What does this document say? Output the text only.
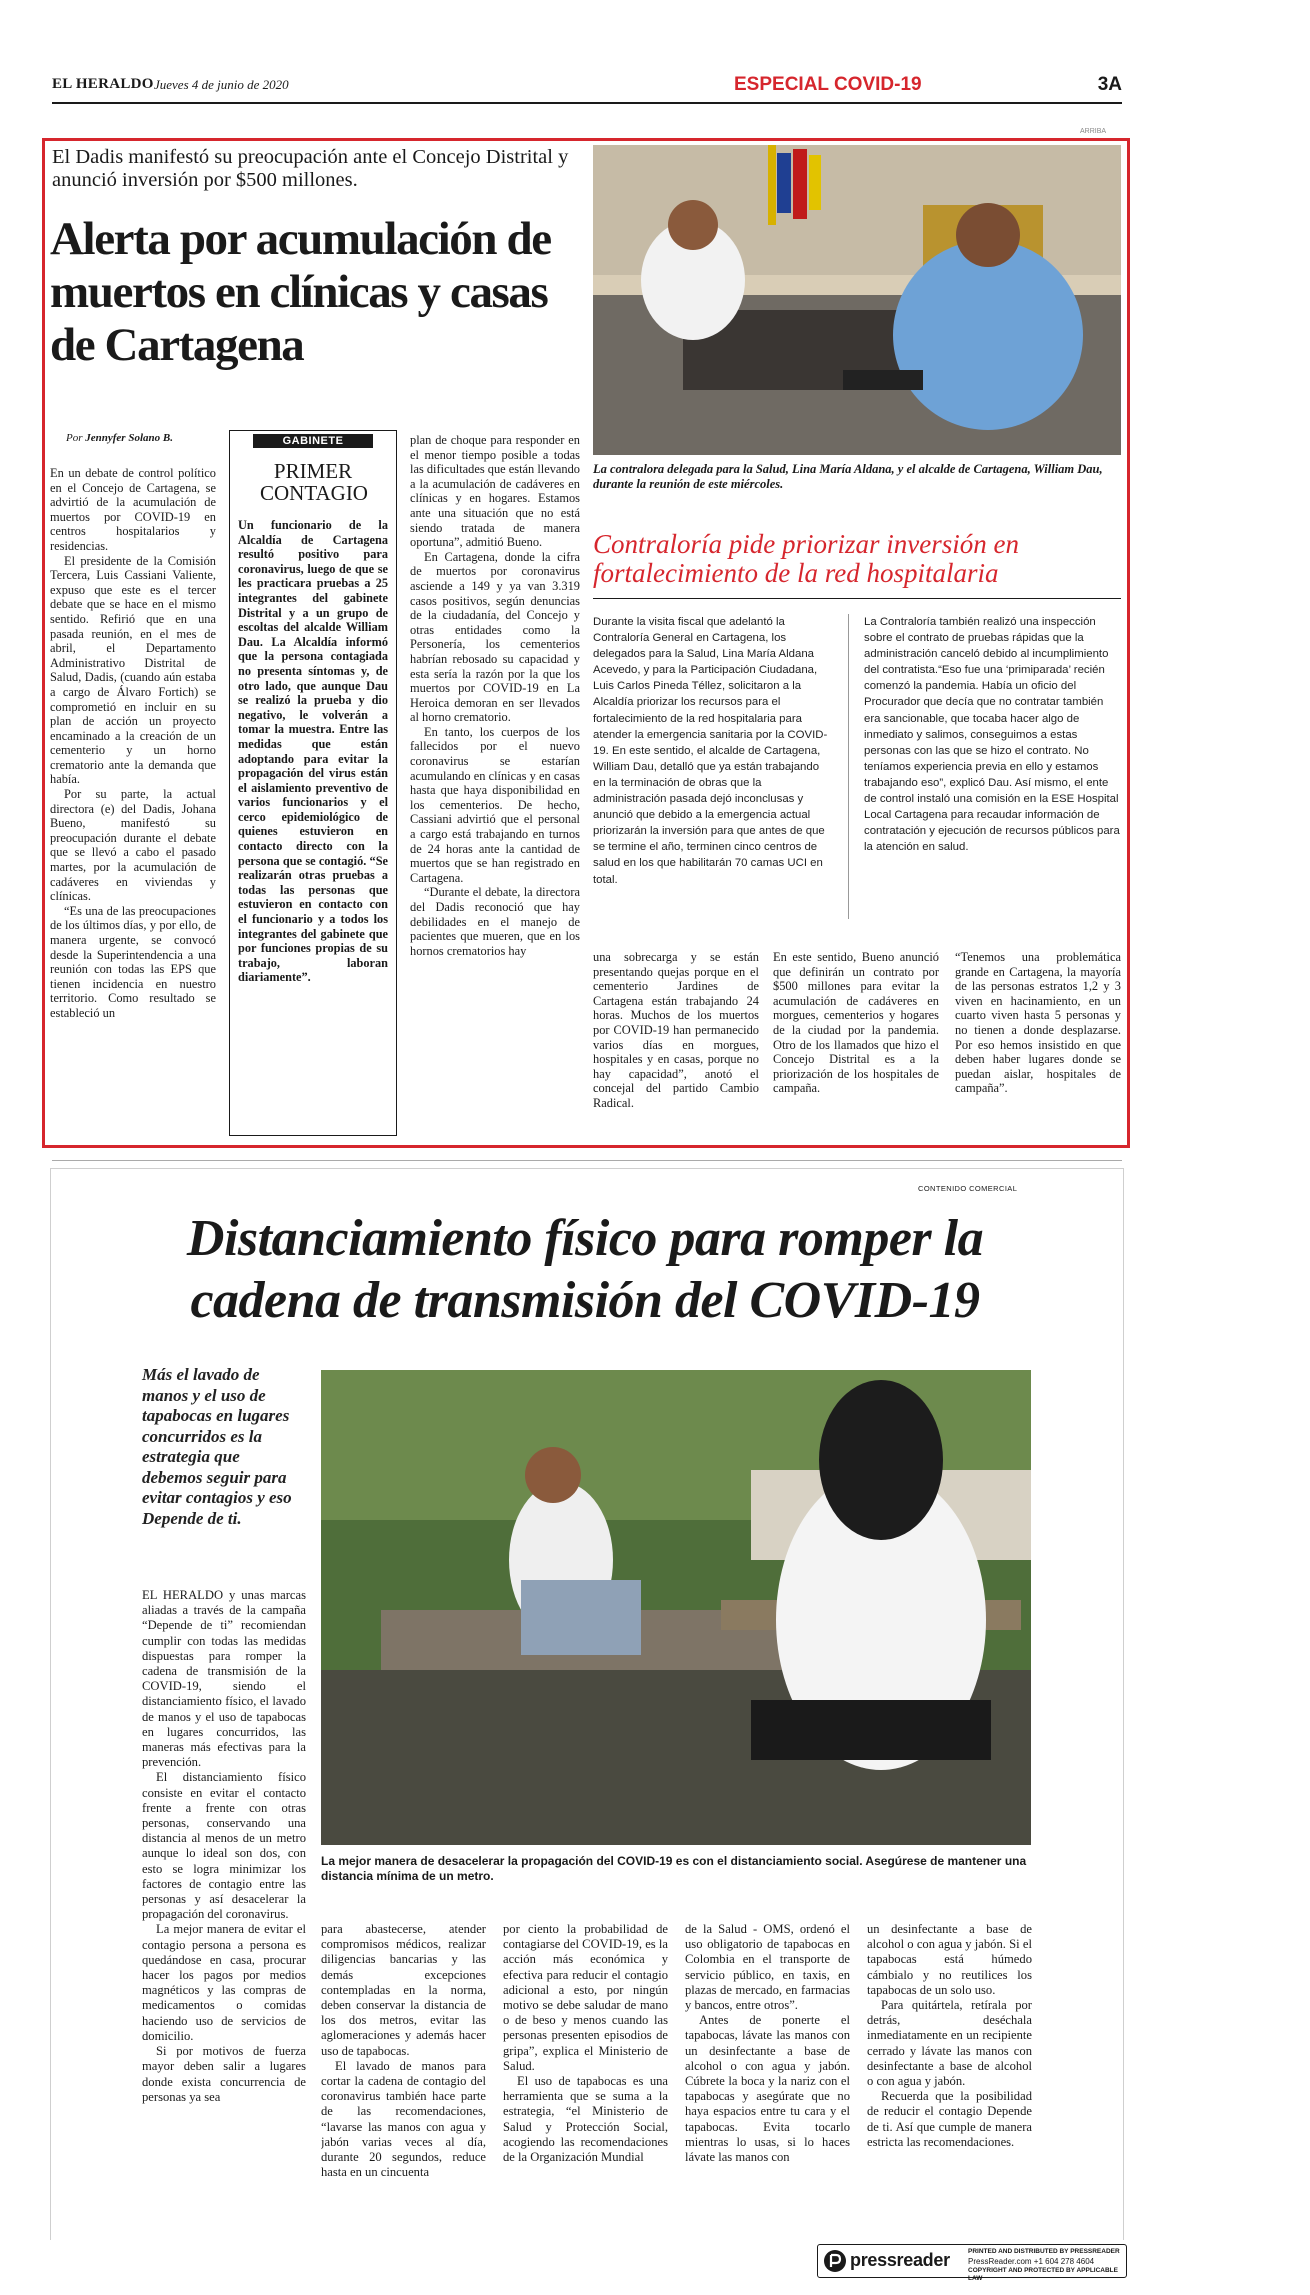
EL HERALDO Jueves 4 de junio de 2020	ESPECIAL COVID-19	3A
ARRIBA
El Dadis manifestó su preocupación ante el Concejo Distrital y anunció inversión por $500 millones.
Alerta por acumulación de muertos en clínicas y casas de Cartagena
Por Jennyfer Solano B.

En un debate de control político en el Concejo de Cartagena, se advirtió de la acumulación de muertos por COVID-19 en centros hospitalarios y residencias.

El presidente de la Comisión Tercera, Luis Cassiani Valiente, expuso que este es el tercer debate que se hace en el mismo sentido. Refirió que en una pasada reunión, en el mes de abril, el Departamento Administrativo Distrital de Salud, Dadis, (cuando aún estaba a cargo de Álvaro Fortich) se comprometió en incluir en su plan de acción un proyecto encaminado a la creación de un cementerio y un horno crematorio ante la demanda que había.

Por su parte, la actual directora (e) del Dadis, Johana Bueno, manifestó su preocupación durante el debate que se llevó a cabo el pasado martes, por la acumulación de cadáveres en viviendas y clínicas.

“Es una de las preocupaciones de los últimos días, y por ello, de manera urgente, se convocó desde la Superintendencia a una reunión con todas las EPS que tienen incidencia en nuestro territorio. Como resultado se estableció un

GABINETE
PRIMER CONTAGIO
Un funcionario de la Alcaldía de Cartagena resultó positivo para coronavirus, luego de que se les practicara pruebas a 25 integrantes del gabinete Distrital y a un grupo de escoltas del alcalde William Dau. La Alcaldía informó que la persona contagiada no presenta síntomas y, de otro lado, que aunque Dau se realizó la prueba y dio negativo, le volverán a tomar la muestra. Entre las medidas que están adoptando para evitar la propagación del virus están el aislamiento preventivo de varios funcionarios y el cerco epidemiológico de quienes estuvieron en contacto directo con la persona que se contagió. “Se realizarán otras pruebas a todas las personas que estuvieron en contacto con el funcionario y a todos los integrantes del gabinete que por funciones propias de su trabajo, laboran diariamente”.

plan de choque para responder en el menor tiempo posible a todas las dificultades que están llevando a la acumulación de cadáveres en clínicas y en hogares. Estamos ante una situación que no está siendo tratada de manera oportuna”, admitió Bueno.

En Cartagena, donde la cifra de muertos por coronavirus asciende a 149 y ya van 3.319 casos positivos, según denuncias de la ciudadanía, del Concejo y otras entidades como la Personería, los cementerios habrían rebosado su capacidad y esta sería la razón por la que los muertos por COVID-19 en La Heroica demoran en ser llevados al horno crematorio.

En tanto, los cuerpos de los fallecidos por el nuevo coronavirus se estarían acumulando en clínicas y en casas hasta que haya disponibilidad en los cementerios. De hecho, Cassiani advirtió que el personal a cargo está trabajando en turnos de 24 horas ante la cantidad de muertos que se han registrado en Cartagena.

“Durante el debate, la directora del Dadis reconoció que hay debilidades en el manejo de pacientes que mueren, que en los hornos crematorios hay

La contralora delegada para la Salud, Lina María Aldana, y el alcalde de Cartagena, William Dau, durante la reunión de este miércoles.
Contraloría pide priorizar inversión en fortalecimiento de la red hospitalaria
Durante la visita fiscal que adelantó la Contraloría General en Cartagena, los delegados para la Salud, Lina María Aldana Acevedo, y para la Participación Ciudadana, Luis Carlos Pineda Téllez, solicitaron a la Alcaldía priorizar los recursos para el fortalecimiento de la red hospitalaria para atender la emergencia sanitaria por la COVID-19. En este sentido, el alcalde de Cartagena, William Dau, detalló que ya están trabajando en la terminación de obras que la administración pasada dejó inconclusas y anunció que debido a la emergencia actual priorizarán la inversión para que antes de que se termine el año, terminen cinco centros de salud en los que habilitarán 70 camas UCI en total.
La Contraloría también realizó una inspección sobre el contrato de pruebas rápidas que la administración canceló debido al incumplimiento del contratista.“Eso fue una ‘primiparada’ recién comenzó la pandemia. Había un oficio del Procurador que decía que no contratar también era sancionable, que tocaba hacer algo de inmediato y salimos, conseguimos a estas personas con las que se hizo el contrato. No teníamos experiencia previa en ello y estamos trabajando eso”, explicó Dau. Así mismo, el ente de control instaló una comisión en la ESE Hospital Local Cartagena para recaudar información de contratación y ejecución de recursos públicos para la atención en salud.
una sobrecarga y se están presentando quejas porque en el cementerio Jardines de Cartagena están trabajando 24 horas. Muchos de los muertos por COVID-19 han permanecido varios días en morgues, hospitales y en casas, porque no hay capacidad”, anotó el concejal del partido Cambio Radical.
En este sentido, Bueno anunció que definirán un contrato por $500 millones para evitar la acumulación de cadáveres en morgues, cementerios y hogares de la ciudad por la pandemia. Otro de los llamados que hizo el Concejo Distrital es a la priorización de los hospitales de campaña.
“Tenemos una problemática grande en Cartagena, la mayoría de las personas estratos 1,2 y 3 viven en hacinamiento, en un cuarto viven hasta 5 personas y no tienen a donde desplazarse. Por eso hemos insistido en que deben haber lugares donde se puedan aislar, hospitales de campaña”.
CONTENIDO COMERCIAL
Distanciamiento físico para romper la cadena de transmisión del COVID-19
Más el lavado de manos y el uso de tapabocas en lugares concurridos es la estrategia que debemos seguir para evitar contagios y eso Depende de ti.
La mejor manera de desacelerar la propagación del COVID-19 es con el distanciamiento social. Asegúrese de mantener una distancia mínima de un metro.

EL HERALDO y unas marcas aliadas a través de la campaña “Depende de ti” recomiendan cumplir con todas las medidas dispuestas para romper la cadena de transmisión de la COVID-19, siendo el distanciamiento físico, el lavado de manos y el uso de tapabocas en lugares concurridos, las maneras más efectivas para la prevención.

El distanciamiento físico consiste en evitar el contacto frente a frente con otras personas, conservando una distancia al menos de un metro aunque lo ideal son dos, con esto se logra minimizar los factores de contagio entre las personas y así desacelerar la propagación del coronavirus.

La mejor manera de evitar el contagio persona a persona es quedándose en casa, procurar hacer los pagos por medios magnéticos y las compras de medicamentos o comidas haciendo uso de servicios de domicilio.

Si por motivos de fuerza mayor deben salir a lugares donde exista concurrencia de personas ya sea

para abastecerse, atender compromisos médicos, realizar diligencias bancarias y las demás excepciones contempladas en la norma, deben conservar la distancia de los dos metros, evitar las aglomeraciones y además hacer uso de tapabocas.

El lavado de manos para cortar la cadena de contagio del coronavirus también hace parte de las recomendaciones, “lavarse las manos con agua y jabón varias veces al día, durante 20 segundos, reduce hasta en un cincuenta

por ciento la probabilidad de contagiarse del COVID-19, es la acción más económica y efectiva para reducir el contagio adicional a esto, por ningún motivo se debe saludar de mano o de beso y menos cuando las personas presenten episodios de gripa”, explica el Ministerio de Salud.

El uso de tapabocas es una herramienta que se suma a la estrategia, “el Ministerio de Salud y Protección Social, acogiendo las recomendaciones de la Organización Mundial

de la Salud - OMS, ordenó el uso obligatorio de tapabocas en Colombia en el transporte de servicio público, en taxis, en plazas de mercado, en farmacias y bancos, entre otros”.

Antes de ponerte el tapabocas, lávate las manos con un desinfectante a base de alcohol o con agua y jabón. Cúbrete la boca y la nariz con el tapabocas y asegúrate que no haya espacios entre tu cara y el tapabocas. Evita tocarlo mientras lo usas, si lo haces lávate las manos con

un desinfectante a base de alcohol o con agua y jabón. Si el tapabocas está húmedo cámbialo y no reutilices los tapabocas de un solo uso.

Para quitártela, retírala por detrás, deséchala inmediatamente en un recipiente cerrado y lávate las manos con desinfectante a base de alcohol o con agua y jabón.

Recuerda que la posibilidad de reducir el contagio Depende de ti. Así que cumple de manera estricta las recomendaciones.

pressreader	PRINTED AND DISTRIBUTED BY PRESSREADER
PressReader.com +1 604 278 4604
COPYRIGHT AND PROTECTED BY APPLICABLE LAW
